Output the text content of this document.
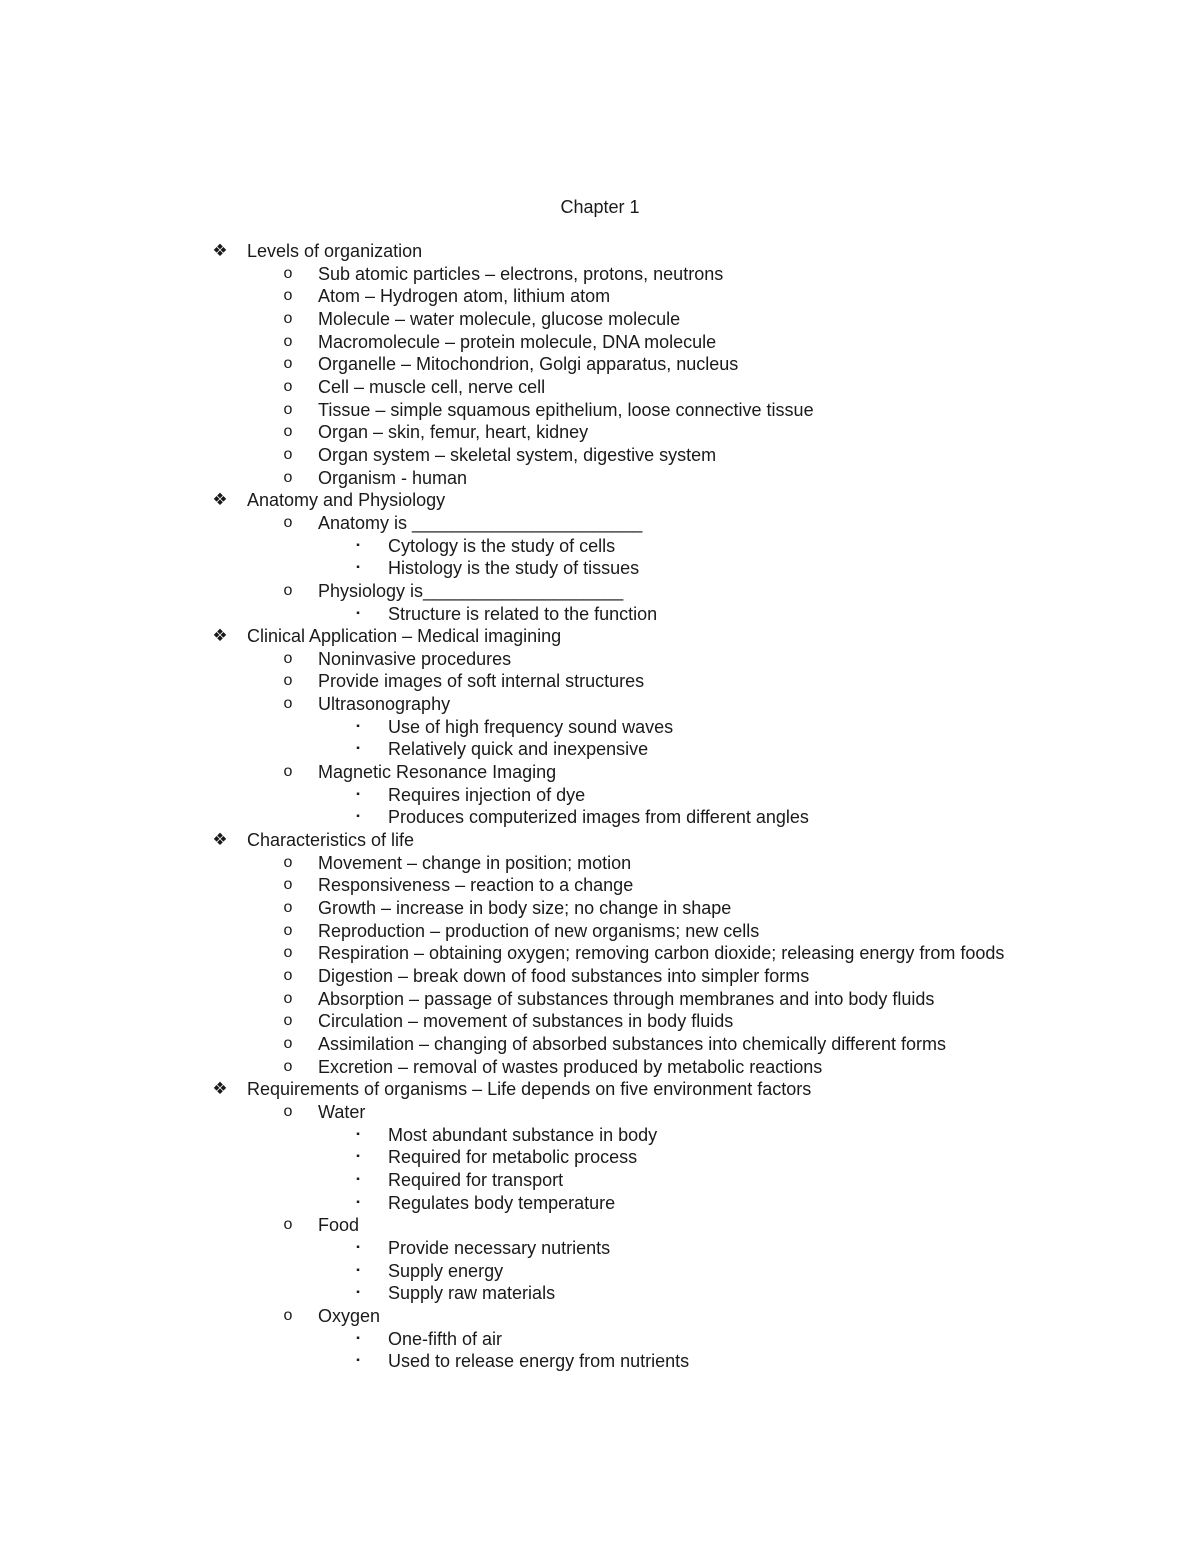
Chapter 1
❖ Levels of organization
o	Sub atomic particles – electrons, protons, neutrons
o	Atom – Hydrogen atom, lithium atom
o	Molecule – water molecule, glucose molecule
o	Macromolecule – protein molecule, DNA molecule
o	Organelle – Mitochondrion, Golgi apparatus, nucleus
o	Cell – muscle cell, nerve cell
o	Tissue – simple squamous epithelium, loose connective tissue
o	Organ – skin, femur, heart, kidney
o	Organ system – skeletal system, digestive system
o	Organism - human
❖ Anatomy and Physiology
o	Anatomy is _______________________
▪	Cytology is the study of cells
▪	Histology is the study of tissues
o	Physiology is____________________
▪	Structure is related to the function
❖ Clinical Application – Medical imagining
o	Noninvasive procedures
o	Provide images of soft internal structures
o	Ultrasonography
▪	Use of high frequency sound waves
▪	Relatively quick and inexpensive
o	Magnetic Resonance Imaging
▪	Requires injection of dye
▪	Produces computerized images from different angles
❖ Characteristics of life
o	Movement – change in position; motion
o	Responsiveness – reaction to a change
o	Growth – increase in body size; no change in shape
o	Reproduction – production of new organisms; new cells
o	Respiration – obtaining oxygen; removing carbon dioxide; releasing energy from foods
o	Digestion – break down of food substances into simpler forms
o	Absorption – passage of substances through membranes and into body fluids
o	Circulation – movement of substances in body fluids
o	Assimilation – changing of absorbed substances into chemically different forms
o	Excretion – removal of wastes produced by metabolic reactions
❖ Requirements of organisms – Life depends on five environment factors
o	Water
▪	Most abundant substance in body
▪	Required for metabolic process
▪	Required for transport
▪	Regulates body temperature
o	Food
▪	Provide necessary nutrients
▪	Supply energy
▪	Supply raw materials
o	Oxygen
▪	One-fifth of air
▪	Used to release energy from nutrients
